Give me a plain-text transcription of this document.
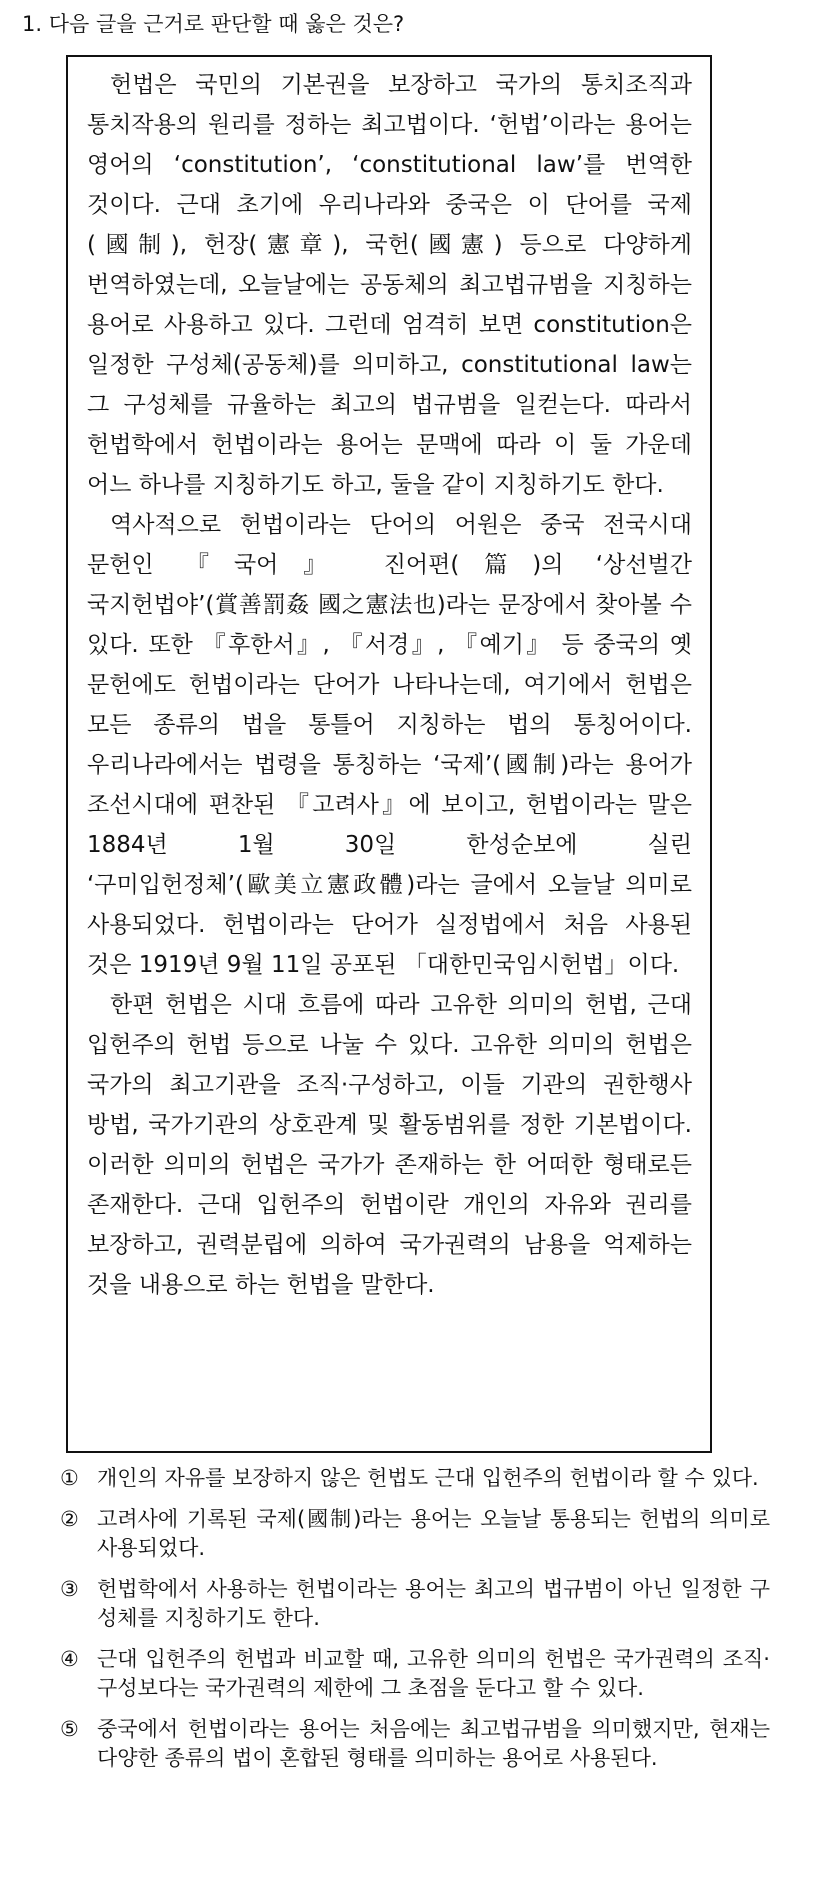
1. 다음 글을 근거로 판단할 때 옳은 것은?

헌법은 국민의 기본권을 보장하고 국가의 통치조직과 통치작용의 원리를 정하는 최고법이다. ‘헌법’이라는 용어는 영어의 ‘constitution’, ‘constitutional law’를 번역한 것이다. 근대 초기에 우리나라와 중국은 이 단어를 국제(國制), 헌장(憲章), 국헌(國憲) 등으로 다양하게 번역하였는데, 오늘날에는 공동체의 최고법규범을 지칭하는 용어로 사용하고 있다. 그런데 엄격히 보면 constitution은 일정한 구성체(공동체)를 의미하고, constitutional law는 그 구성체를 규율하는 최고의 법규범을 일컫는다. 따라서 헌법학에서 헌법이라는 용어는 문맥에 따라 이 둘 가운데 어느 하나를 지칭하기도 하고, 둘을 같이 지칭하기도 한다.

역사적으로 헌법이라는 단어의 어원은 중국 전국시대 문헌인 『국어』 진어편(篇)의 ‘상선벌간 국지헌법야’(賞善罰姦 國之憲法也)라는 문장에서 찾아볼 수 있다. 또한 『후한서』, 『서경』, 『예기』 등 중국의 옛 문헌에도 헌법이라는 단어가 나타나는데, 여기에서 헌법은 모든 종류의 법을 통틀어 지칭하는 법의 통칭어이다. 우리나라에서는 법령을 통칭하는 ‘국제’(國制)라는 용어가 조선시대에 편찬된 『고려사』에 보이고, 헌법이라는 말은 1884년 1월 30일 한성순보에 실린 ‘구미입헌정체’(歐美立憲政體)라는 글에서 오늘날 의미로 사용되었다. 헌법이라는 단어가 실정법에서 처음 사용된 것은 1919년 9월 11일 공포된 「대한민국임시헌법」이다.

한편 헌법은 시대 흐름에 따라 고유한 의미의 헌법, 근대 입헌주의 헌법 등으로 나눌 수 있다. 고유한 의미의 헌법은 국가의 최고기관을 조직·구성하고, 이들 기관의 권한행사 방법, 국가기관의 상호관계 및 활동범위를 정한 기본법이다. 이러한 의미의 헌법은 국가가 존재하는 한 어떠한 형태로든 존재한다. 근대 입헌주의 헌법이란 개인의 자유와 권리를 보장하고, 권력분립에 의하여 국가권력의 남용을 억제하는 것을 내용으로 하는 헌법을 말한다.

① 개인의 자유를 보장하지 않은 헌법도 근대 입헌주의 헌법이라 할 수 있다.
② 고려사에 기록된 국제(國制)라는 용어는 오늘날 통용되는 헌법의 의미로 사용되었다.
③ 헌법학에서 사용하는 헌법이라는 용어는 최고의 법규범이 아닌 일정한 구성체를 지칭하기도 한다.
④ 근대 입헌주의 헌법과 비교할 때, 고유한 의미의 헌법은 국가권력의 조직·구성보다는 국가권력의 제한에 그 초점을 둔다고 할 수 있다.
⑤ 중국에서 헌법이라는 용어는 처음에는 최고법규범을 의미했지만, 현재는 다양한 종류의 법이 혼합된 형태를 의미하는 용어로 사용된다.
